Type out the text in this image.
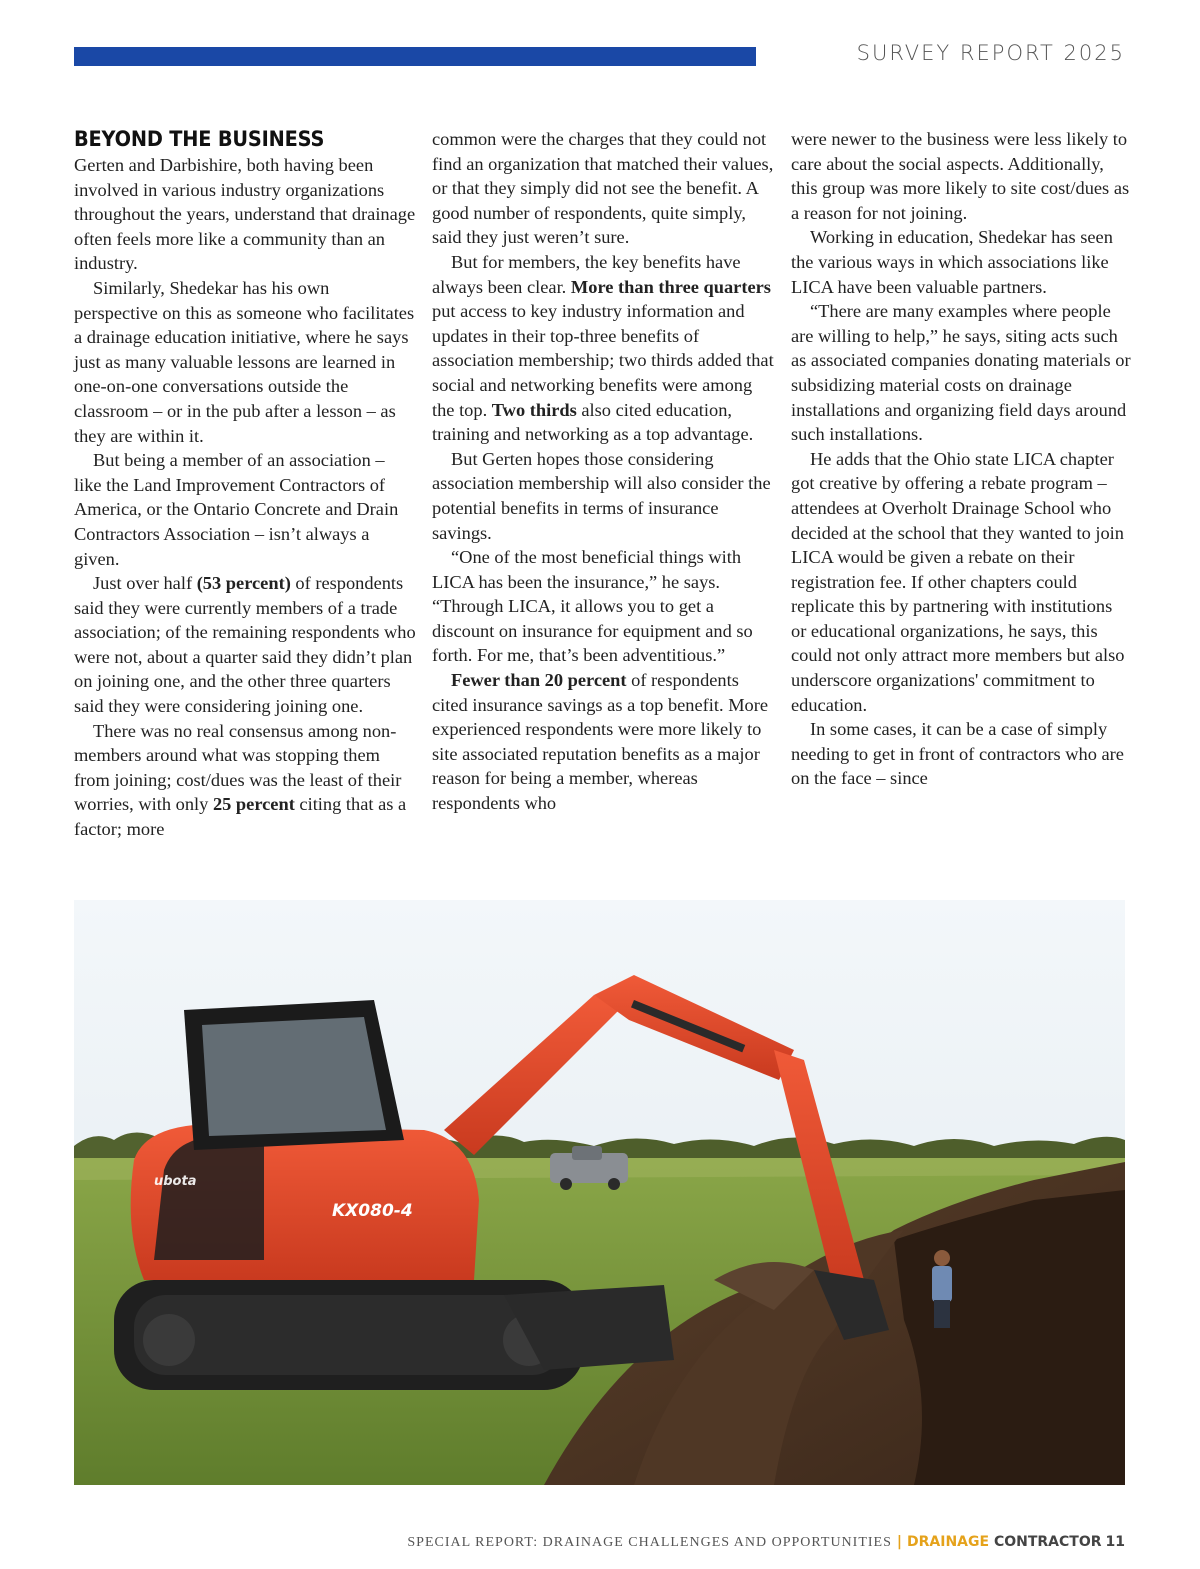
SURVEY REPORT 2025
BEYOND THE BUSINESS

Gerten and Darbishire, both having been involved in various industry organizations throughout the years, understand that drainage often feels more like a community than an industry.

Similarly, Shedekar has his own perspective on this as someone who facilitates a drainage education initiative, where he says just as many valuable lessons are learned in one-on-one conversations outside the classroom – or in the pub after a lesson – as they are within it.

But being a member of an association – like the Land Improvement Contractors of America, or the Ontario Concrete and Drain Contractors Association – isn’t always a given.

Just over half (53 percent) of respondents said they were currently members of a trade association; of the remaining respondents who were not, about a quarter said they didn’t plan on joining one, and the other three quarters said they were considering joining one.

There was no real consensus among non-members around what was stopping them from joining; cost/dues was the least of their worries, with only 25 percent citing that as a factor; more

common were the charges that they could not find an organization that matched their values, or that they simply did not see the benefit. A good number of respondents, quite simply, said they just weren’t sure.

But for members, the key benefits have always been clear. More than three quarters put access to key industry information and updates in their top-three benefits of association membership; two thirds added that social and networking benefits were among the top. Two thirds also cited education, training and networking as a top advantage.

But Gerten hopes those considering association membership will also consider the potential benefits in terms of insurance savings.

“One of the most beneficial things with LICA has been the insurance,” he says. “Through LICA, it allows you to get a discount on insurance for equipment and so forth. For me, that’s been adventitious.”

Fewer than 20 percent of respondents cited insurance savings as a top benefit. More experienced respondents were more likely to site associated reputation benefits as a major reason for being a member, whereas respondents who

were newer to the business were less likely to care about the social aspects. Additionally, this group was more likely to site cost/dues as a reason for not joining.

Working in education, Shedekar has seen the various ways in which associations like LICA have been valuable partners.

“There are many examples where people are willing to help,” he says, siting acts such as associated companies donating materials or subsidizing material costs on drainage installations and organizing field days around such installations.

He adds that the Ohio state LICA chapter got creative by offering a rebate program – attendees at Overholt Drainage School who decided at the school that they wanted to join LICA would be given a rebate on their registration fee. If other chapters could replicate this by partnering with institutions or educational organizations, he says, this could not only attract more members but also underscore organizations' commitment to education.

In some cases, it can be a case of simply needing to get in front of contractors who are on the face – since

KX080-4
ubota
SPECIAL REPORT: DRAINAGE CHALLENGES AND OPPORTUNITIES | DRAINAGE CONTRACTOR 11
